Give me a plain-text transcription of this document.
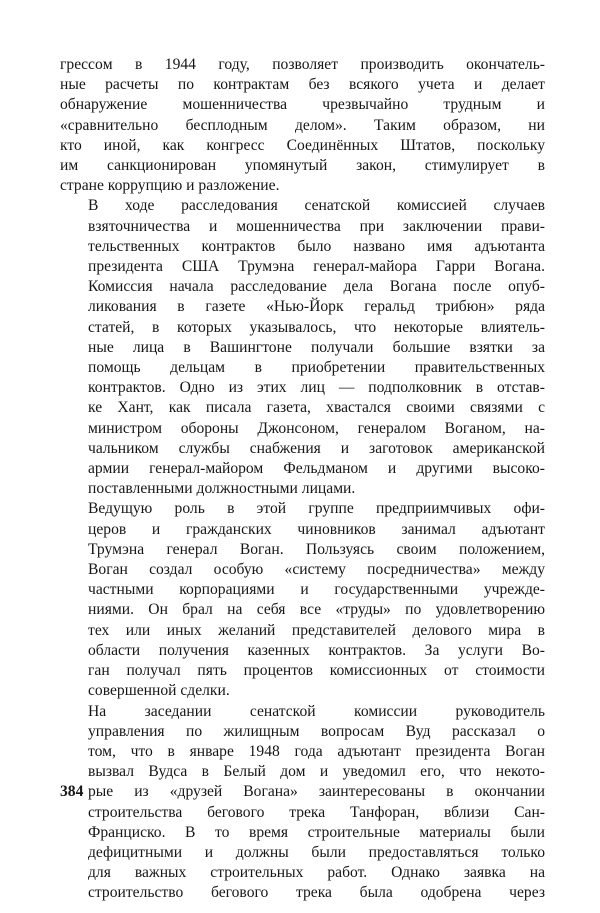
гpeccoм в 1944 году, позволяет производить окончатель-
ные расчеты по контрактам без всякого учета и делает
обнаружение мошенничества чрезвычайно трудным и
«сравнительно бесплодным делом». Таким образом, ни
кто иной, как конгресс Соединённых Штатов, поскольку
им санкционирован упомянутый закон, стимулирует в
стране коррупцию и разложение.
В ходе расследования сенатской комиссией случаев
взяточничества и мошенничества при заключении прави-
тельственных контрактов было названо имя адъютанта
президента США Трумэна генерал-майора Гарри Вогана.
Комиссия начала расследование дела Вогана после опуб-
ликования в газете «Нью-Йорк геральд трибюн» ряда
статей, в которых указывалось, что некоторые влиятель-
ные лица в Вашингтоне получали большие взятки за
помощь дельцам в приобретении правительственных
контрактов. Одно из этих лиц — подполковник в отстав-
ке Хант, как писала газета, хвастался своими связями с
министром обороны Джонсоном, генералом Воганом, на-
чальником службы снабжения и заготовок американской
армии генерал-майором Фельдманом и другими высоко-
поставленными должностными лицами.
Ведущую роль в этой группе предприимчивых офи-
церов и гражданских чиновников занимал адъютант
Трумэна генерал Воган. Пользуясь своим положением,
Воган создал особую «систему посредничества» между
частными корпорациями и государственными учрежде-
ниями. Он брал на себя все «труды» по удовлетворению
тех или иных желаний представителей делового мира в
области получения казенных контрактов. За услуги Во-
ган получал пять процентов комиссионных от стоимости
совершенной сделки.
На заседании сенатской комиссии руководитель
управления по жилищным вопросам Вуд рассказал о
том, что в январе 1948 года адъютант президента Воган
вызвал Вудса в Белый дом и уведомил его, что некото-
рые из «друзей Вогана» заинтересованы в окончании
строительства бегового трека Танфоран, вблизи Сан-
Франциско. В то время строительные материалы были
дефицитными и должны были предоставляться только
для важных строительных работ. Однако заявка на
строительство бегового трека была одобрена через
384
